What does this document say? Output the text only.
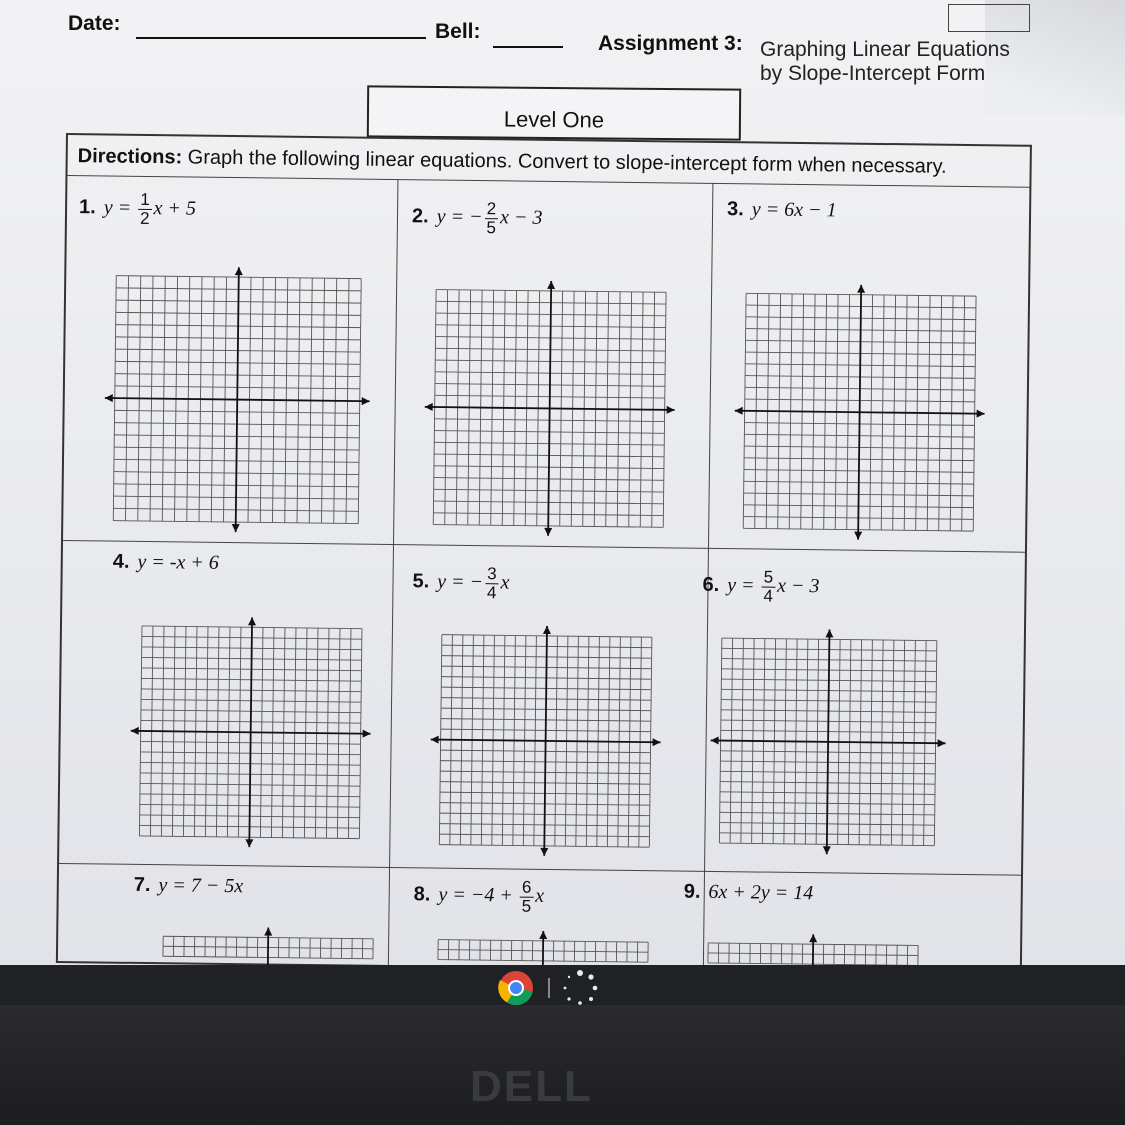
Date:	Bell:
Assignment 3: Graphing Linear Equations
by Slope-Intercept Form
Level One
Directions: Graph the following linear equations. Convert to slope-intercept form when necessary.
1. $y = \frac{1}{2}$ x + 5	2. y = − $\frac{2}{5}$ x − 3	3. y = 6x − 1
4. y = -x + 6
5. y = − $\frac{3}{4}$ x	6. $y = \frac{5}{4}$ x − 3
7. y = 7 − 5x	8. $y = -4 + \frac{6}{5}$ x	9. 6x + 2y = 14
DELL
